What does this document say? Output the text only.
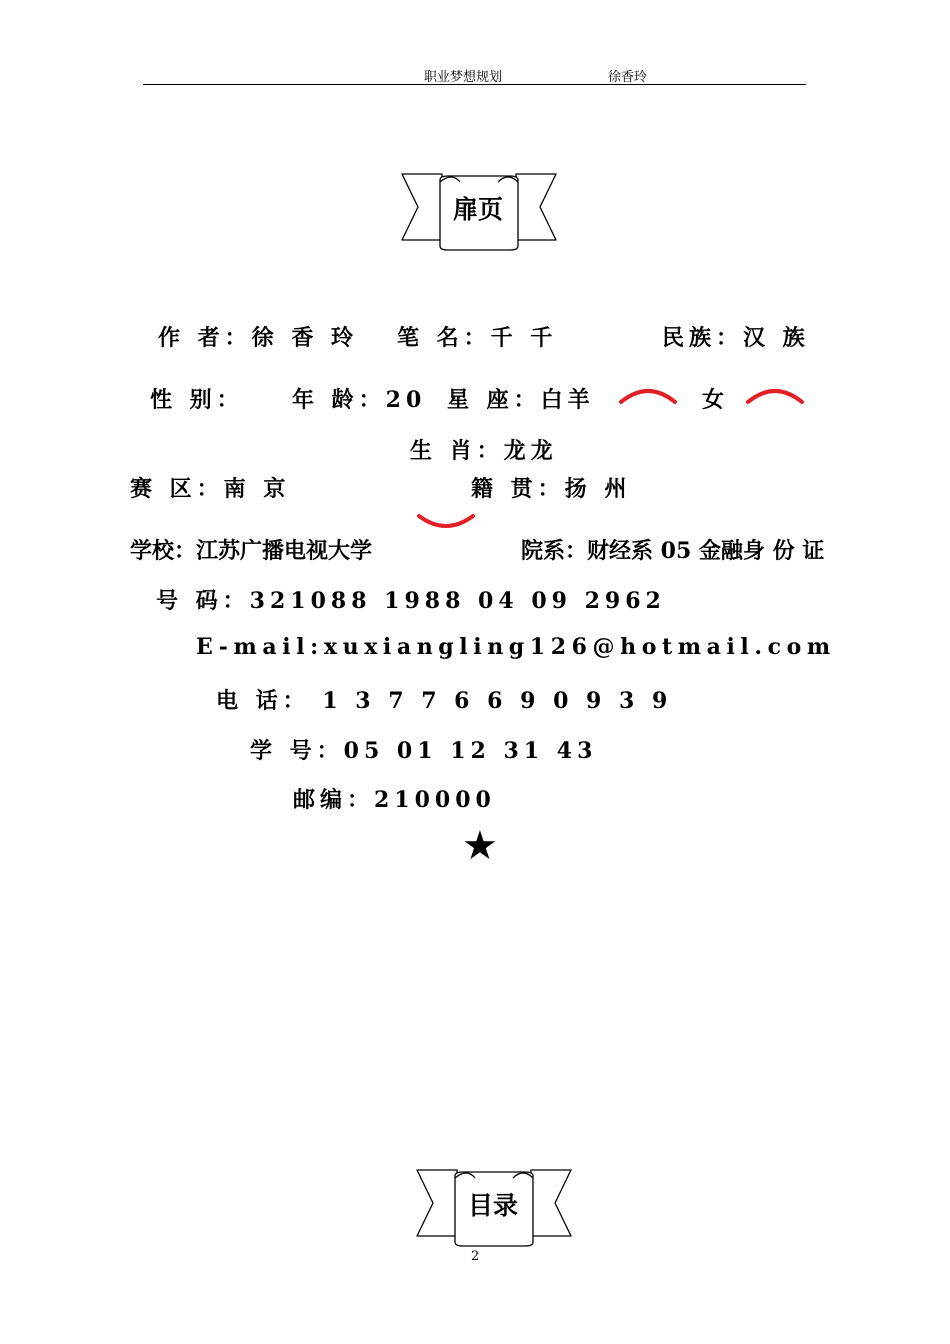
职业梦想规划	徐香玲
扉页
作 者：徐 香 玲 笔 名：千 千	民族：汉 族
性 别： 年 龄：20 星 座：白羊	女
生 肖：龙龙
赛 区：南 京	籍 贯：扬 州
学校：江苏广播电视大学	院系：财经系 05 金融身 份 证
号 码：321088 1988 04 09 2962
E-mail:xuxiangling126@hotmail.com
电 话： 1 3 7 7 6 6 9 0 9 3 9
学 号：05 01 12 31 43
邮编：210000
★
目录
2
